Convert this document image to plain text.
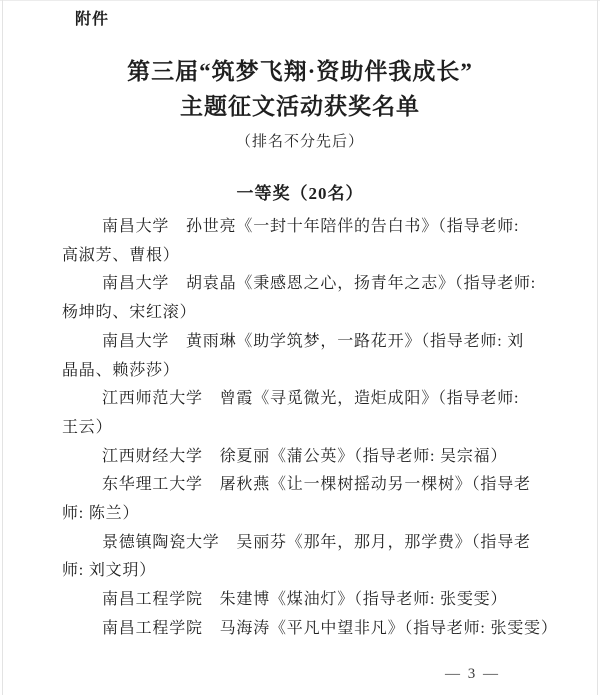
附件
第三届“筑梦飞翔·资助伴我成长”
主题征文活动获奖名单
（排名不分先后）
一等奖（20名）
南昌大学　孙世亮《一封十年陪伴的告白书》（指导老师:
高淑芳、曹根）
南昌大学　胡袁晶《秉感恩之心，扬青年之志》（指导老师:
杨坤昀、宋红滚）
南昌大学　黄雨琳《助学筑梦，一路花开》（指导老师: 刘
晶晶、赖莎莎）
江西师范大学　曾霞《寻觅微光，造炬成阳》（指导老师:
王云）
江西财经大学　徐夏丽《蒲公英》（指导老师: 吴宗福）
东华理工大学　屠秋燕《让一棵树摇动另一棵树》（指导老
师: 陈兰）
景德镇陶瓷大学　吴丽芬《那年，那月，那学费》（指导老
师: 刘文玥）
南昌工程学院　朱建博《煤油灯》（指导老师: 张雯雯）
南昌工程学院　马海涛《平凡中望非凡》（指导老师: 张雯雯）
— 3 —
